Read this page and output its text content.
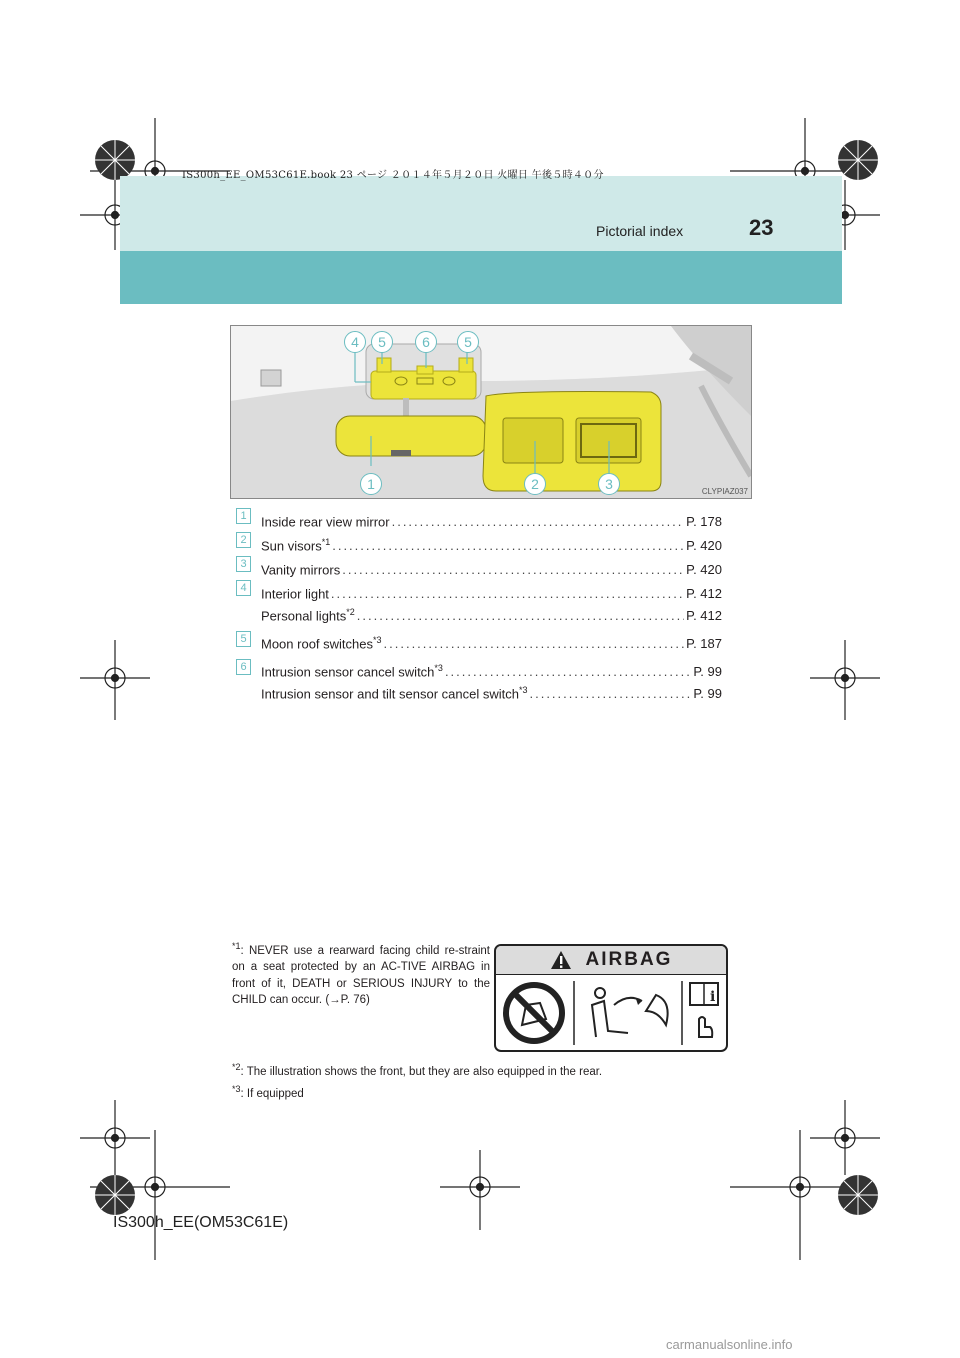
IS300h_EE_OM53C61E.book 23 ページ ２０１４年５月２０日 火曜日 午後５時４０分
Pictorial index	23
4	5	6	5
1	2	3	CLYPIAZ037
1	Inside rear view mirror .....	P. 178
2	Sun visors$^{*1}$ .....	P. 420
3	Vanity mirrors .....	P. 420
4	Interior light .....	P. 412
Personal lights$^{*2}$ .....	P. 412
5	Moon roof switches$^{*3}$ .....	P. 187
6	Intrusion sensor cancel switch$^{*3}$ .....	P. 99
Intrusion sensor and tilt sensor cancel switch$^{*3}$ .....	P. 99
$^{*1}$: NEVER use a rearward facing child re-straint on a seat protected by an AC-TIVE AIRBAG in front of it, DEATH or SERIOUS INJURY to the CHILD can occur. (→P. 76)
AIRBAG
i
$^{*2}$: The illustration shows the front, but they are also equipped in the rear.
$^{*3}$: If equipped
IS300h_EE(OM53C61E)
carmanualsonline.info
